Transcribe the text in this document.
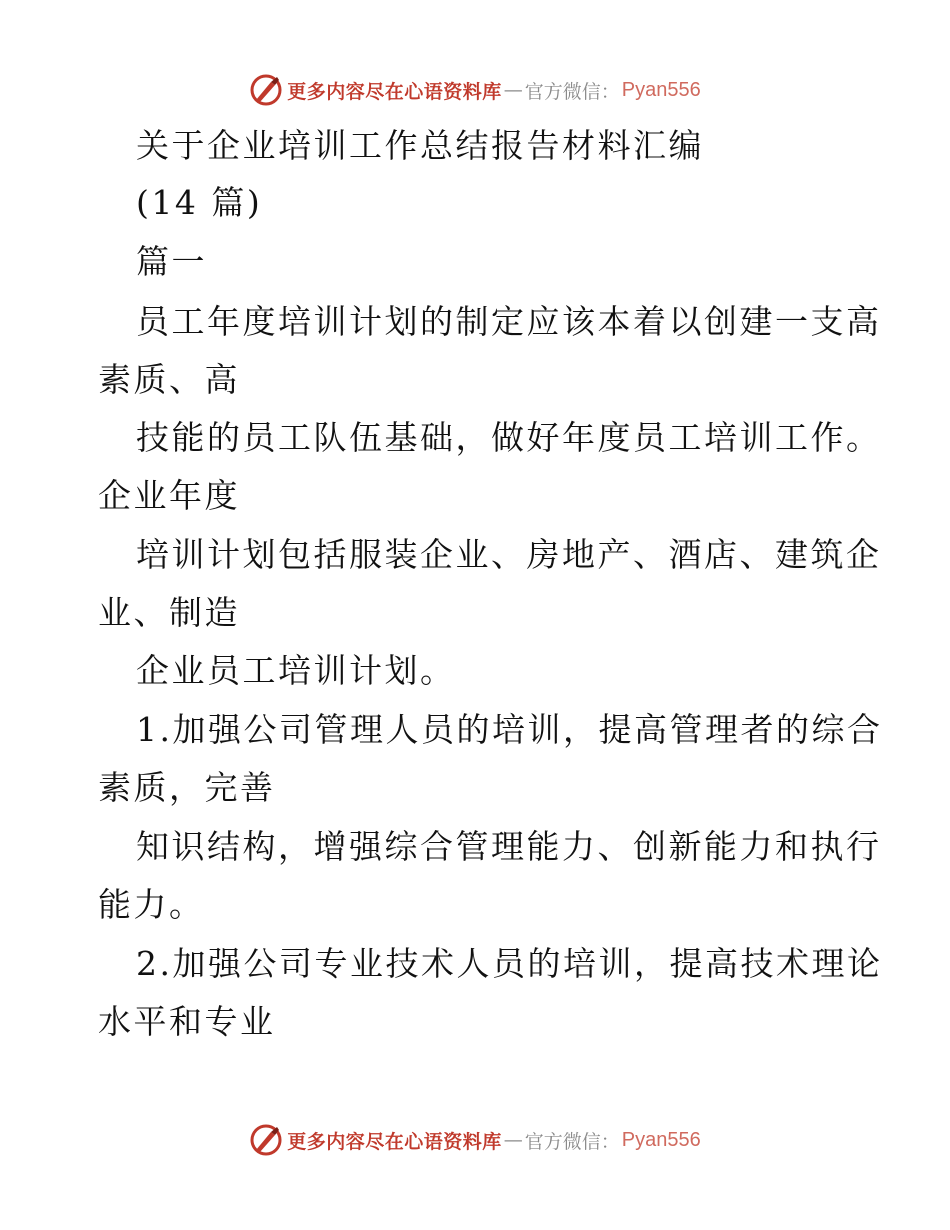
更多内容尽在心语资料库 — 官方微信： Pyan556
关于企业培训工作总结报告材料汇编
(14 篇)
篇一
员工年度培训计划的制定应该本着以创建一支高
素质、高
技能的员工队伍基础，做好年度员工培训工作。
企业年度
培训计划包括服装企业、房地产、酒店、建筑企
业、制造
企业员工培训计划。
1.加强公司管理人员的培训，提高管理者的综合
素质，完善
知识结构，增强综合管理能力、创新能力和执行
能力。
2.加强公司专业技术人员的培训，提高技术理论
水平和专业
更多内容尽在心语资料库 — 官方微信： Pyan556
